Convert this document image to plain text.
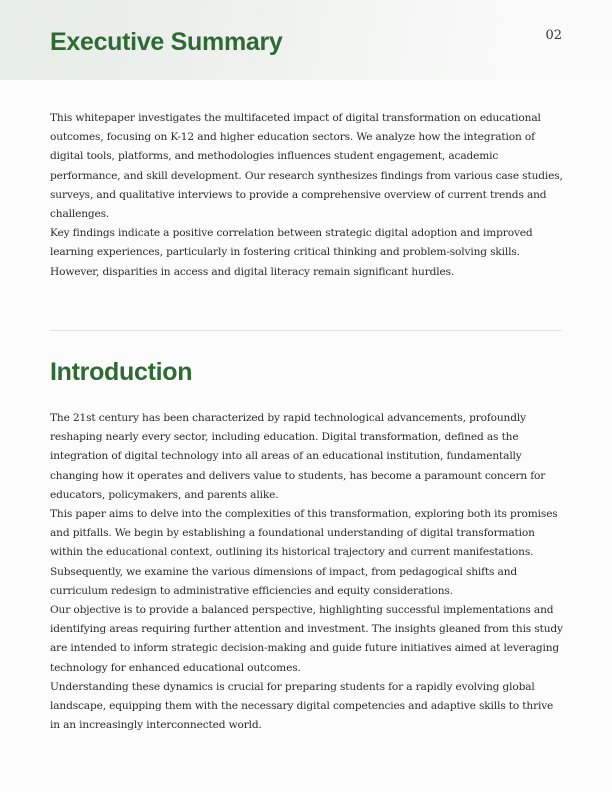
02
Executive Summary

This whitepaper investigates the multifaceted impact of digital transformation on educational outcomes, focusing on K-12 and higher education sectors. We analyze how the integration of digital tools, platforms, and methodologies influences student engagement, academic performance, and skill development. Our research synthesizes findings from various case studies, surveys, and qualitative interviews to provide a comprehensive overview of current trends and challenges.

Key findings indicate a positive correlation between strategic digital adoption and improved learning experiences, particularly in fostering critical thinking and problem-solving skills. However, disparities in access and digital literacy remain significant hurdles.

Introduction

The 21st century has been characterized by rapid technological advancements, profoundly reshaping nearly every sector, including education. Digital transformation, defined as the integration of digital technology into all areas of an educational institution, fundamentally changing how it operates and delivers value to students, has become a paramount concern for educators, policymakers, and parents alike.

This paper aims to delve into the complexities of this transformation, exploring both its promises and pitfalls. We begin by establishing a foundational understanding of digital transformation within the educational context, outlining its historical trajectory and current manifestations. Subsequently, we examine the various dimensions of impact, from pedagogical shifts and curriculum redesign to administrative efficiencies and equity considerations.

Our objective is to provide a balanced perspective, highlighting successful implementations and identifying areas requiring further attention and investment. The insights gleaned from this study are intended to inform strategic decision-making and guide future initiatives aimed at leveraging technology for enhanced educational outcomes.

Understanding these dynamics is crucial for preparing students for a rapidly evolving global landscape, equipping them with the necessary digital competencies and adaptive skills to thrive in an increasingly interconnected world.
